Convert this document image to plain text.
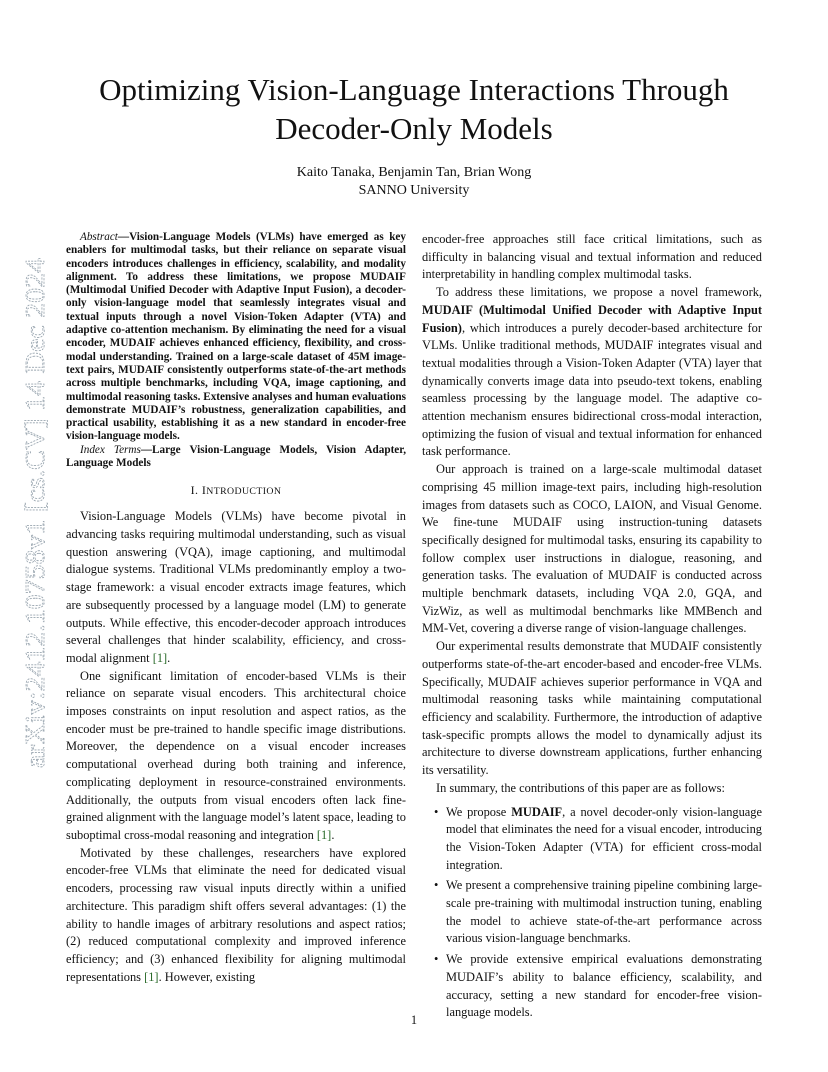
arXiv:2412.10758v1 [cs.CV] 14 Dec 2024
Optimizing Vision-Language Interactions Through
Decoder-Only Models
Kaito Tanaka, Benjamin Tan, Brian Wong
SANNO University

Abstract—Vision-Language Models (VLMs) have emerged as key enablers for multimodal tasks, but their reliance on separate visual encoders introduces challenges in efficiency, scalability, and modality alignment. To address these limitations, we propose MUDAIF (Multimodal Unified Decoder with Adaptive Input Fusion), a decoder-only vision-language model that seamlessly integrates visual and textual inputs through a novel Vision-Token Adapter (VTA) and adaptive co-attention mechanism. By eliminating the need for a visual encoder, MUDAIF achieves enhanced efficiency, flexibility, and cross-modal understanding. Trained on a large-scale dataset of 45M image-text pairs, MUDAIF consistently outperforms state-of-the-art methods across multiple benchmarks, including VQA, image captioning, and multimodal reasoning tasks. Extensive analyses and human evaluations demonstrate MUDAIF’s robustness, generalization capabilities, and practical usability, establishing it as a new standard in encoder-free vision-language models.

Index Terms—Large Vision-Language Models, Vision Adapter, Language Models

I. INTRODUCTION

Vision-Language Models (VLMs) have become pivotal in advancing tasks requiring multimodal understanding, such as visual question answering (VQA), image captioning, and multimodal dialogue systems. Traditional VLMs predominantly employ a two-stage framework: a visual encoder extracts image features, which are subsequently processed by a language model (LM) to generate outputs. While effective, this encoder-decoder approach introduces several challenges that hinder scalability, efficiency, and cross-modal alignment [1].

One significant limitation of encoder-based VLMs is their reliance on separate visual encoders. This architectural choice imposes constraints on input resolution and aspect ratios, as the encoder must be pre-trained to handle specific image distributions. Moreover, the dependence on a visual encoder increases computational overhead during both training and inference, complicating deployment in resource-constrained environments. Additionally, the outputs from visual encoders often lack fine-grained alignment with the language model’s latent space, leading to suboptimal cross-modal reasoning and integration [1].

Motivated by these challenges, researchers have explored encoder-free VLMs that eliminate the need for dedicated visual encoders, processing raw visual inputs directly within a unified architecture. This paradigm shift offers several advantages: (1) the ability to handle images of arbitrary resolutions and aspect ratios; (2) reduced computational complexity and improved inference efficiency; and (3) enhanced flexibility for aligning multimodal representations [1]. However, existing

encoder-free approaches still face critical limitations, such as difficulty in balancing visual and textual information and reduced interpretability in handling complex multimodal tasks.

To address these limitations, we propose a novel framework, MUDAIF (Multimodal Unified Decoder with Adaptive Input Fusion), which introduces a purely decoder-based architecture for VLMs. Unlike traditional methods, MUDAIF integrates visual and textual modalities through a Vision-Token Adapter (VTA) layer that dynamically converts image data into pseudo-text tokens, enabling seamless processing by the language model. The adaptive co-attention mechanism ensures bidirectional cross-modal interaction, optimizing the fusion of visual and textual information for enhanced task performance.

Our approach is trained on a large-scale multimodal dataset comprising 45 million image-text pairs, including high-resolution images from datasets such as COCO, LAION, and Visual Genome. We fine-tune MUDAIF using instruction-tuning datasets specifically designed for multimodal tasks, ensuring its capability to follow complex user instructions in dialogue, reasoning, and generation tasks. The evaluation of MUDAIF is conducted across multiple benchmark datasets, including VQA 2.0, GQA, and VizWiz, as well as multimodal benchmarks like MMBench and MM-Vet, covering a diverse range of vision-language challenges.

Our experimental results demonstrate that MUDAIF consistently outperforms state-of-the-art encoder-based and encoder-free VLMs. Specifically, MUDAIF achieves superior performance in VQA and multimodal reasoning tasks while maintaining computational efficiency and scalability. Furthermore, the introduction of adaptive task-specific prompts allows the model to dynamically adjust its architecture to diverse downstream applications, further enhancing its versatility.

In summary, the contributions of this paper are as follows:

• We propose MUDAIF, a novel decoder-only vision-language model that eliminates the need for a visual encoder, introducing the Vision-Token Adapter (VTA) for efficient cross-modal integration.
• We present a comprehensive training pipeline combining large-scale pre-training with multimodal instruction tuning, enabling the model to achieve state-of-the-art performance across various vision-language benchmarks.
• We provide extensive empirical evaluations demonstrating MUDAIF’s ability to balance efficiency, scalability, and accuracy, setting a new standard for encoder-free vision-language models.
1
